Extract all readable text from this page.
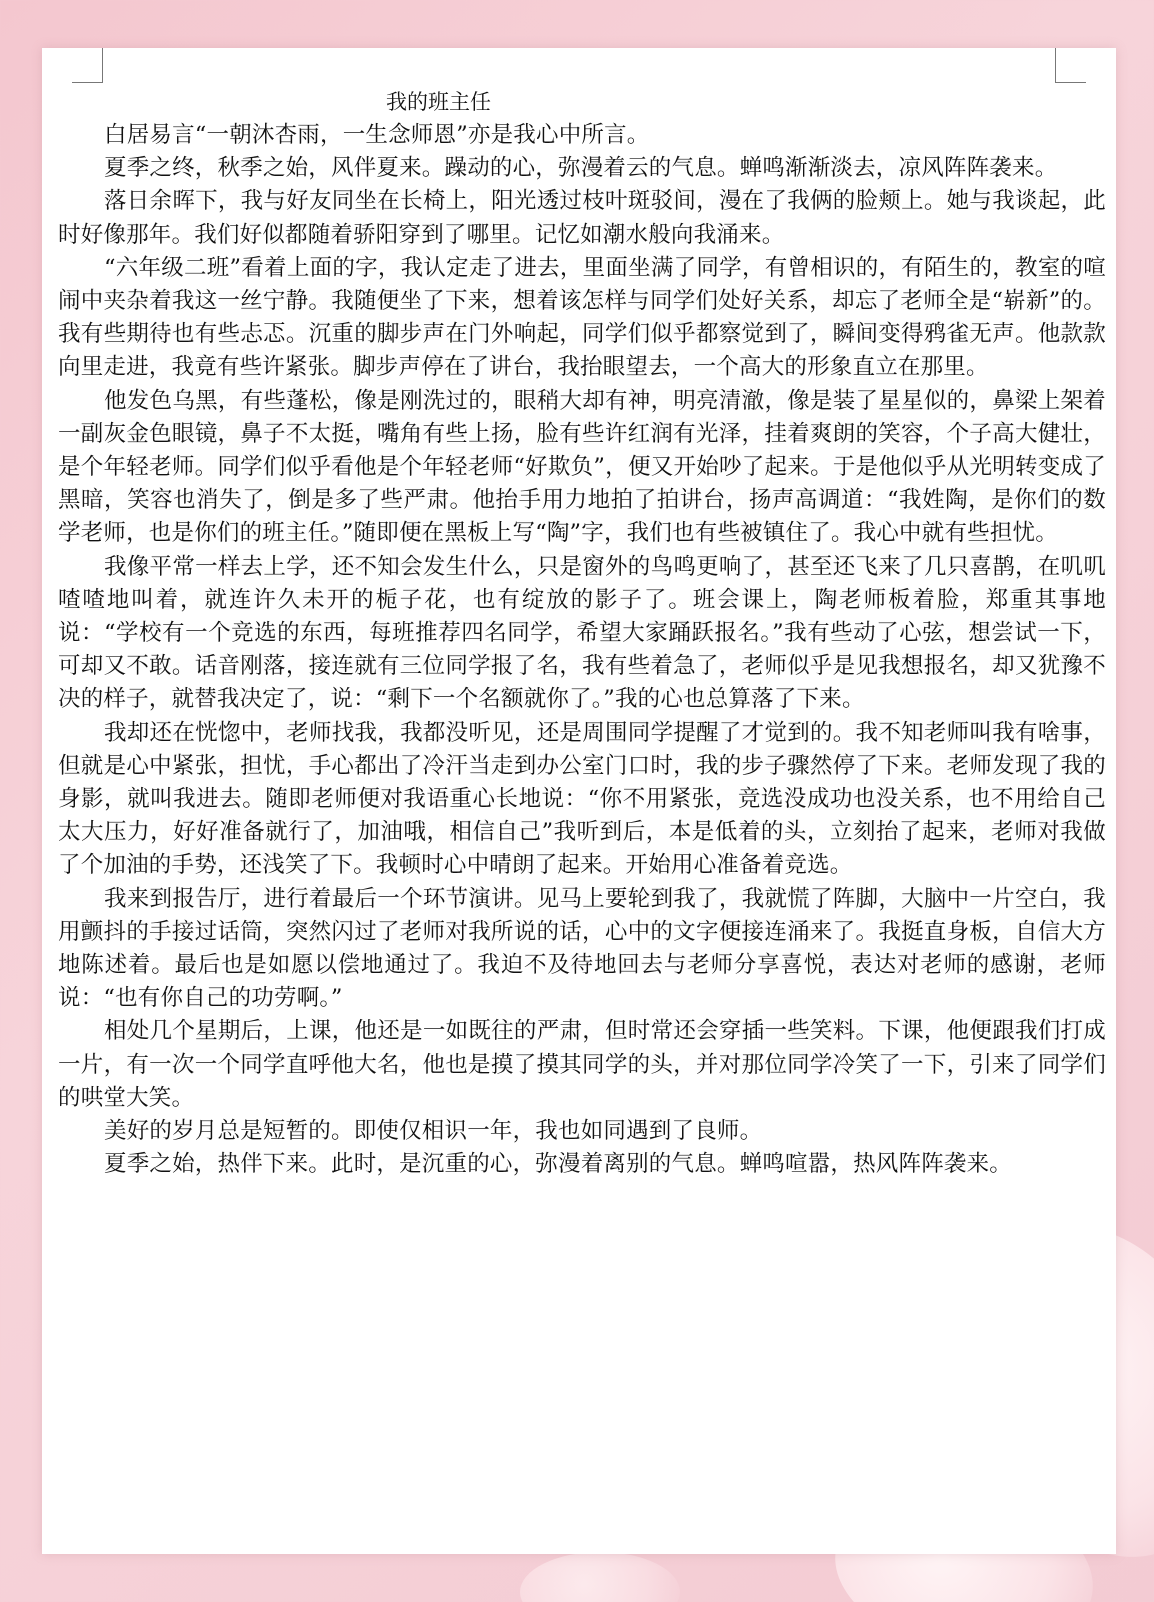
我的班主任

白居易言“一朝沐杏雨，一生念师恩”亦是我心中所言。

夏季之终，秋季之始，风伴夏来。躁动的心，弥漫着云的气息。蝉鸣渐渐淡去，凉风阵阵袭来。

落日余晖下，我与好友同坐在长椅上，阳光透过枝叶斑驳间，漫在了我俩的脸颊上。她与我谈起，此时好像那年。我们好似都随着骄阳穿到了哪里。记忆如潮水般向我涌来。

“六年级二班”看着上面的字，我认定走了进去，里面坐满了同学，有曾相识的，有陌生的，教室的喧闹中夹杂着我这一丝宁静。我随便坐了下来，想着该怎样与同学们处好关系，却忘了老师全是“崭新”的。我有些期待也有些忐忑。沉重的脚步声在门外响起，同学们似乎都察觉到了，瞬间变得鸦雀无声。他款款向里走进，我竟有些许紧张。脚步声停在了讲台，我抬眼望去，一个高大的形象直立在那里。

他发色乌黑，有些蓬松，像是刚洗过的，眼稍大却有神，明亮清澈，像是装了星星似的，鼻梁上架着一副灰金色眼镜，鼻子不太挺，嘴角有些上扬，脸有些许红润有光泽，挂着爽朗的笑容，个子高大健壮，是个年轻老师。同学们似乎看他是个年轻老师“好欺负”，便又开始吵了起来。于是他似乎从光明转变成了黑暗，笑容也消失了，倒是多了些严肃。他抬手用力地拍了拍讲台，扬声高调道：“我姓陶，是你们的数学老师，也是你们的班主任。”随即便在黑板上写“陶”字，我们也有些被镇住了。我心中就有些担忧。

我像平常一样去上学，还不知会发生什么，只是窗外的鸟鸣更响了，甚至还飞来了几只喜鹊，在叽叽喳喳地叫着，就连许久未开的栀子花，也有绽放的影子了。班会课上，陶老师板着脸，郑重其事地说：“学校有一个竞选的东西，每班推荐四名同学，希望大家踊跃报名。”我有些动了心弦，想尝试一下，可却又不敢。话音刚落，接连就有三位同学报了名，我有些着急了，老师似乎是见我想报名，却又犹豫不决的样子，就替我决定了，说：“剩下一个名额就你了。”我的心也总算落了下来。

我却还在恍惚中，老师找我，我都没听见，还是周围同学提醒了才觉到的。我不知老师叫我有啥事，但就是心中紧张，担忧，手心都出了冷汗当走到办公室门口时，我的步子骤然停了下来。老师发现了我的身影，就叫我进去。随即老师便对我语重心长地说：“你不用紧张，竞选没成功也没关系，也不用给自己太大压力，好好准备就行了，加油哦，相信自己”我听到后，本是低着的头，立刻抬了起来，老师对我做了个加油的手势，还浅笑了下。我顿时心中晴朗了起来。开始用心准备着竞选。

我来到报告厅，进行着最后一个环节演讲。见马上要轮到我了，我就慌了阵脚，大脑中一片空白，我用颤抖的手接过话筒，突然闪过了老师对我所说的话，心中的文字便接连涌来了。我挺直身板，自信大方地陈述着。最后也是如愿以偿地通过了。我迫不及待地回去与老师分享喜悦，表达对老师的感谢，老师说：“也有你自己的功劳啊。”

相处几个星期后，上课，他还是一如既往的严肃，但时常还会穿插一些笑料。下课，他便跟我们打成一片，有一次一个同学直呼他大名，他也是摸了摸其同学的头，并对那位同学冷笑了一下，引来了同学们的哄堂大笑。

美好的岁月总是短暂的。即使仅相识一年，我也如同遇到了良师。

夏季之始，热伴下来。此时，是沉重的心，弥漫着离别的气息。蝉鸣喧嚣，热风阵阵袭来。
